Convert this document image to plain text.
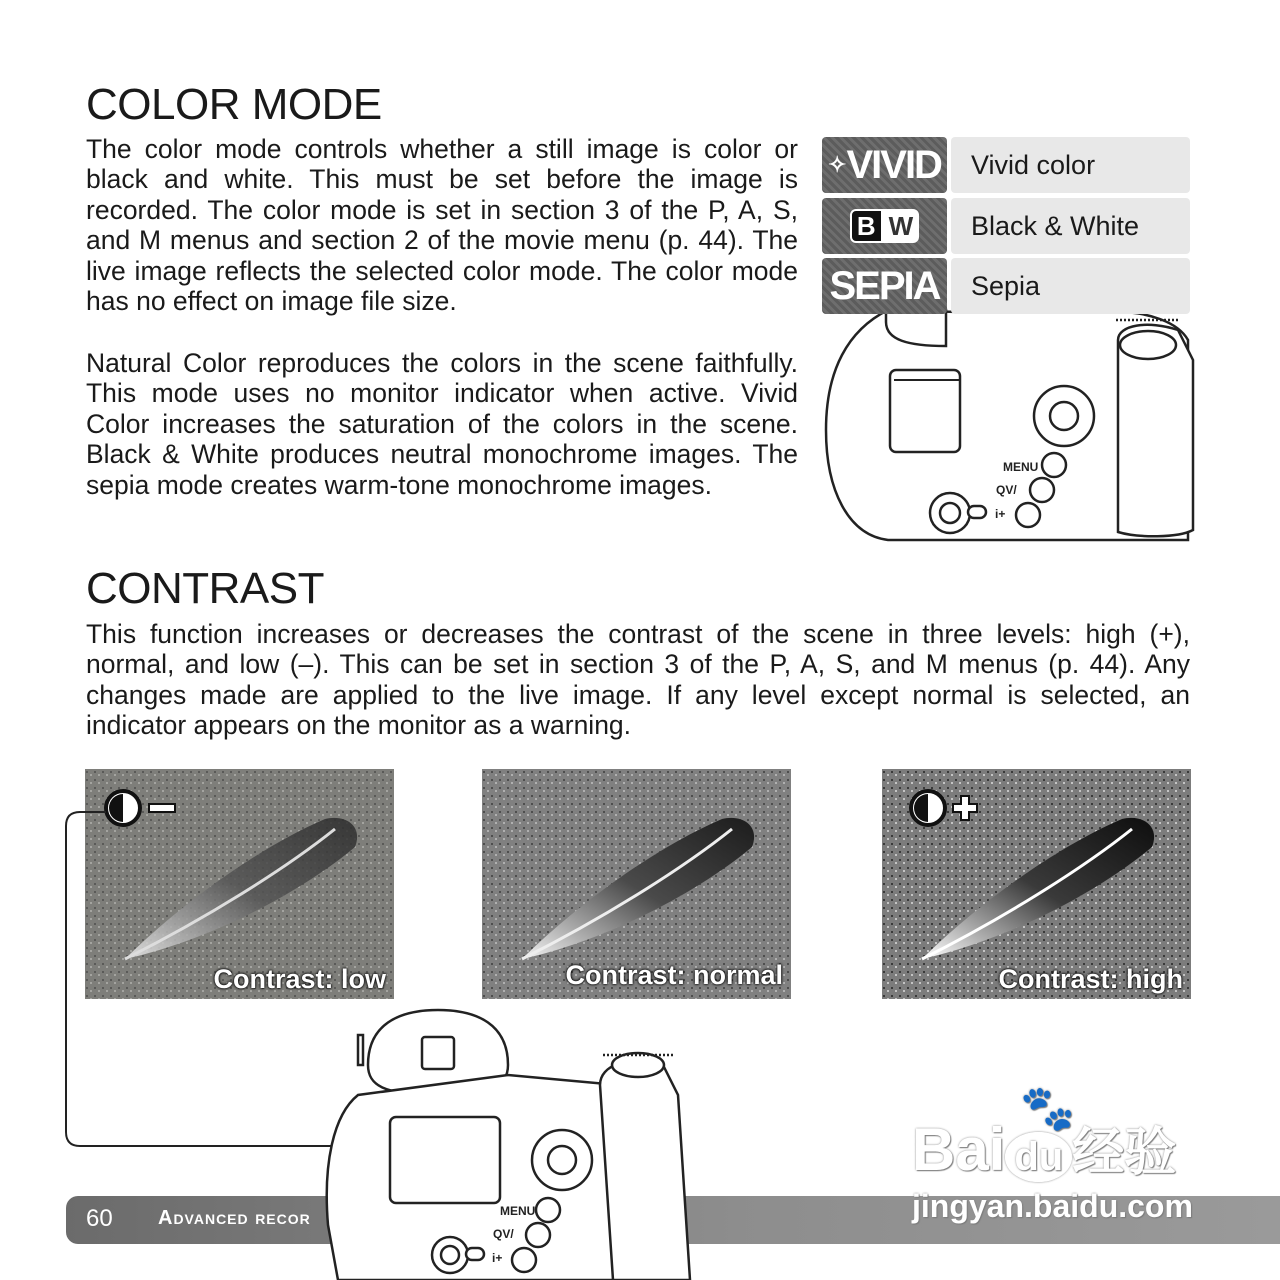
COLOR MODE

The color mode controls whether a still image is color or black and white. This must be set before the image is recorded. The color mode is set in section 3 of the P, A, S, and M menus and section 2 of the movie menu (p. 44). The live image reflects the selected color mode. The color mode has no effect on image file size.

Natural Color reproduces the colors in the scene faithfully. This mode uses no monitor indicator when active. Vivid Color increases the saturation of the colors in the scene. Black & White produces neutral monochrome images. The sepia mode creates warm-tone monochrome images.

MENU
QV/
i+
✧ VIVID	Vivid color
B W	Black & White
SEPIA	Sepia
CONTRAST

This function increases or decreases the contrast of the scene in three levels: high (+), normal, and low (–). This can be set in section 3 of the P, A, S, and M menus (p. 44). Any changes made are applied to the live image. If any level except normal is selected, an indicator appears on the monitor as a warning.

Contrast: low	Contrast: normal	Contrast: high
60 Advanced recor	MENU
QV/
i+
Bai du 经验
🐾
jingyan.baidu.com
